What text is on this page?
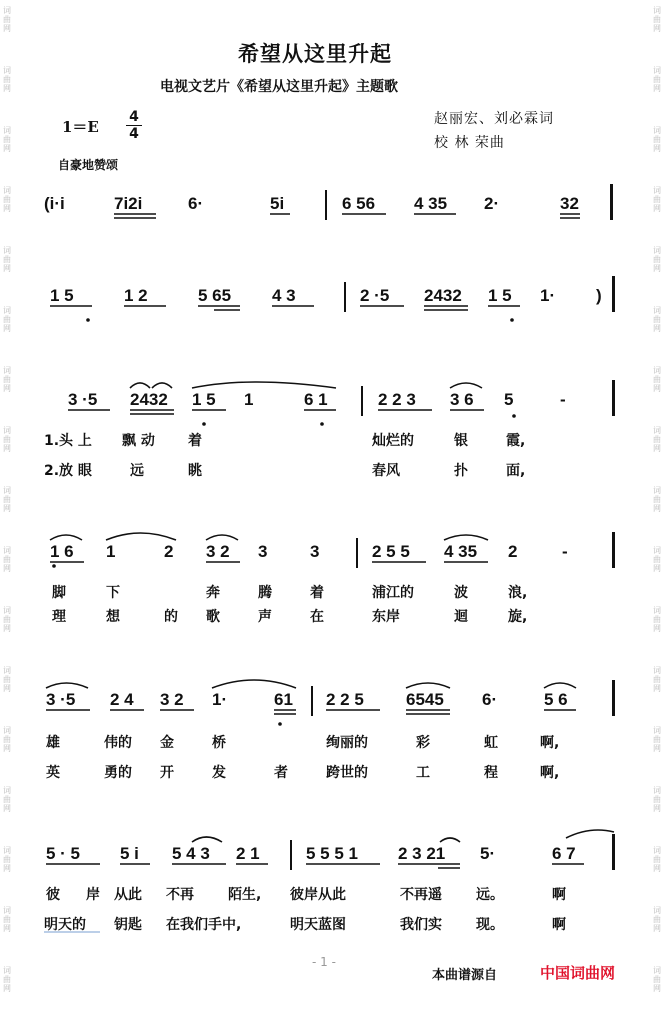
词
曲
网
词
曲
网
词
曲
网
词
曲
网
词
曲
网
词
曲
网
词
曲
网
词
曲
网
词
曲
网
词
曲
网
词
曲
网
词
曲
网
词
曲
网
词
曲
网
词
曲
网
词
曲
网
词
曲
网
词
曲
网
词
曲
网
词
曲
网
词
曲
网
词
曲
网
词
曲
网
词
曲
网
词
曲
网
词
曲
网
词
曲
网
词
曲
网
词
曲
网
词
曲
网
词
曲
网
词
曲
网
词
曲
网
词
曲
网
希望从这里升起
电视文艺片《希望从这里升起》主题歌
1＝E
4
4
赵丽宏、刘必霖词
校 林 荣曲
自豪地赞颂
(i·i	7i2i	6·	5i	6 56 4 35 2·	32
1 5	1 2	5 65 4 3	2 ·5 2432 1 5 1· )
3 ·5 2432 1 5 1	6 1	2 2 3 3 6 5	-
1.头 上 飘 动 着	灿烂的	银	霞,
2.放 眼	远	眺	春风	扑	面,
1 6 1	2 3 2 3	3	2 5 5 4 35 2	-
脚	下	奔	腾	着	浦江的	波	浪,
理	想	的 歌	声	在	东岸	迴	旋,
3 ·5 2 4 3 2 1·	61 2 2 5 6545 6·	5 6
雄	伟的 金	桥	绚丽的	彩	虹	啊,
英	勇的 开	发	者	跨世的	工	程	啊,
5 · 5 5 i 5 4 3 2 1	5 5 5 1 2 3 21 5·	6 7
彼 岸 从此 不再 陌生, 彼岸从此	不再遥 远。	啊
明天的 钥匙 在我们手中,	明天蓝图	我们实 现。	啊
- 1 -
本曲谱源自	中国词曲网
